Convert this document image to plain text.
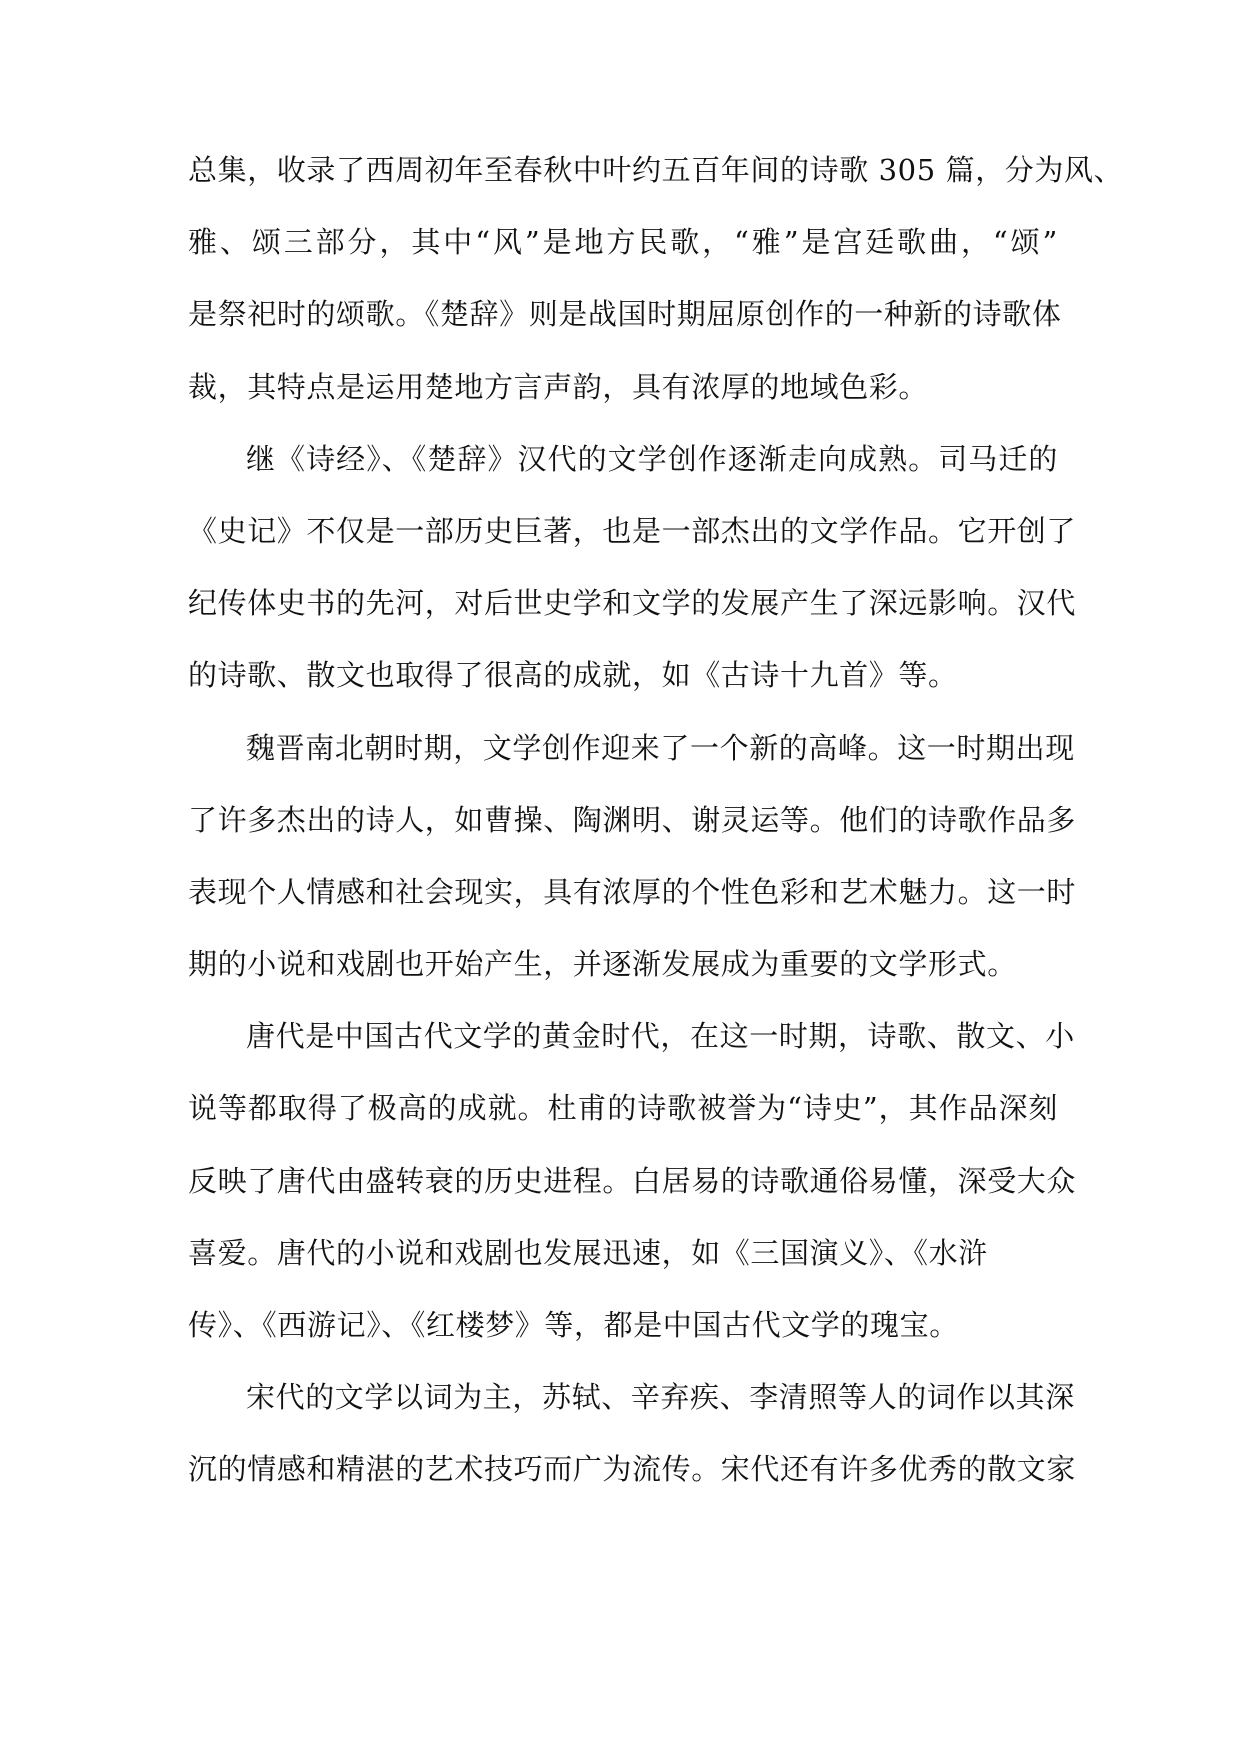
总集，收录了西周初年至春秋中叶约五百年间的诗歌 305 篇，分为风、
雅、颂三部分，其中“风”是地方民歌，“雅”是宫廷歌曲，“颂”
是祭祀时的颂歌。《楚辞》则是战国时期屈原创作的一种新的诗歌体
裁，其特点是运用楚地方言声韵，具有浓厚的地域色彩。
继《诗经》、《楚辞》汉代的文学创作逐渐走向成熟。司马迁的
《史记》不仅是一部历史巨著，也是一部杰出的文学作品。它开创了
纪传体史书的先河，对后世史学和文学的发展产生了深远影响。汉代
的诗歌、散文也取得了很高的成就，如《古诗十九首》等。
魏晋南北朝时期，文学创作迎来了一个新的高峰。这一时期出现
了许多杰出的诗人，如曹操、陶渊明、谢灵运等。他们的诗歌作品多
表现个人情感和社会现实，具有浓厚的个性色彩和艺术魅力。这一时
期的小说和戏剧也开始产生，并逐渐发展成为重要的文学形式。
唐代是中国古代文学的黄金时代，在这一时期，诗歌、散文、小
说等都取得了极高的成就。杜甫的诗歌被誉为“诗史”，其作品深刻
反映了唐代由盛转衰的历史进程。白居易的诗歌通俗易懂，深受大众
喜爱。唐代的小说和戏剧也发展迅速，如《三国演义》、《水浒
传》、《西游记》、《红楼梦》等，都是中国古代文学的瑰宝。
宋代的文学以词为主，苏轼、辛弃疾、李清照等人的词作以其深
沉的情感和精湛的艺术技巧而广为流传。宋代还有许多优秀的散文家
